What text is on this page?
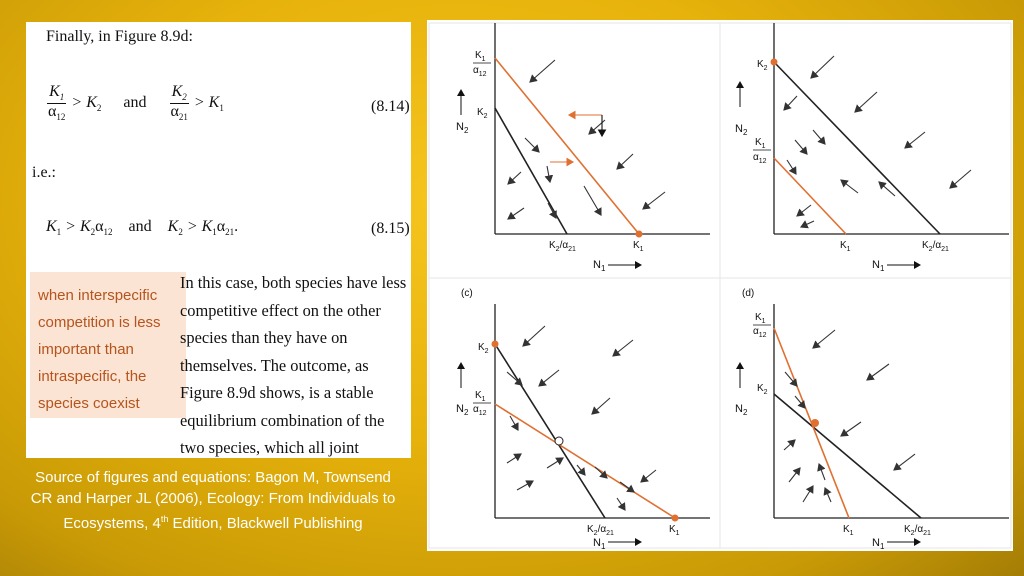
Finally, in Figure 8.9d:
$\frac{K_1}{\alpha_{12}} > K_2$ and $\frac{K_2}{\alpha_{21}} > K_1$	(8.14)
i.e.:
$K_1 > K_2\alpha_{12}$ and $K_2 > K_1\alpha_{21}$.	(8.15)
when interspecific
competition is less
important than
intraspecific, the
species coexist
In this case, both species have less competitive effect on the other species than they have on themselves. The outcome, as Figure 8.9d shows, is a stable equilibrium combination of the two species, which all joint
Source of figures and equations: Bagon M, Townsend CR and Harper JL (2006), Ecology: From Individuals to Ecosystems, 4th Edition, Blackwell Publishing
$K_1$
$\alpha_{12}$
$K_2$
$N_2$
$K_2/\alpha_{21}$	$K_1$
$N_1$
$K_2$
$K_1$
$\alpha_{12}$
$N_2$
$K_1$	$K_2/\alpha_{21}$
$N_1$
(c)
$K_2$
$K_1$
$\alpha_{12}$
$N_2$
$K_2/\alpha_{21}$	$K_1$
$N_1$
(d)
$K_1$
$\alpha_{12}$
$K_2$
$N_2$
$K_1$	$K_2/\alpha_{21}$
$N_1$
